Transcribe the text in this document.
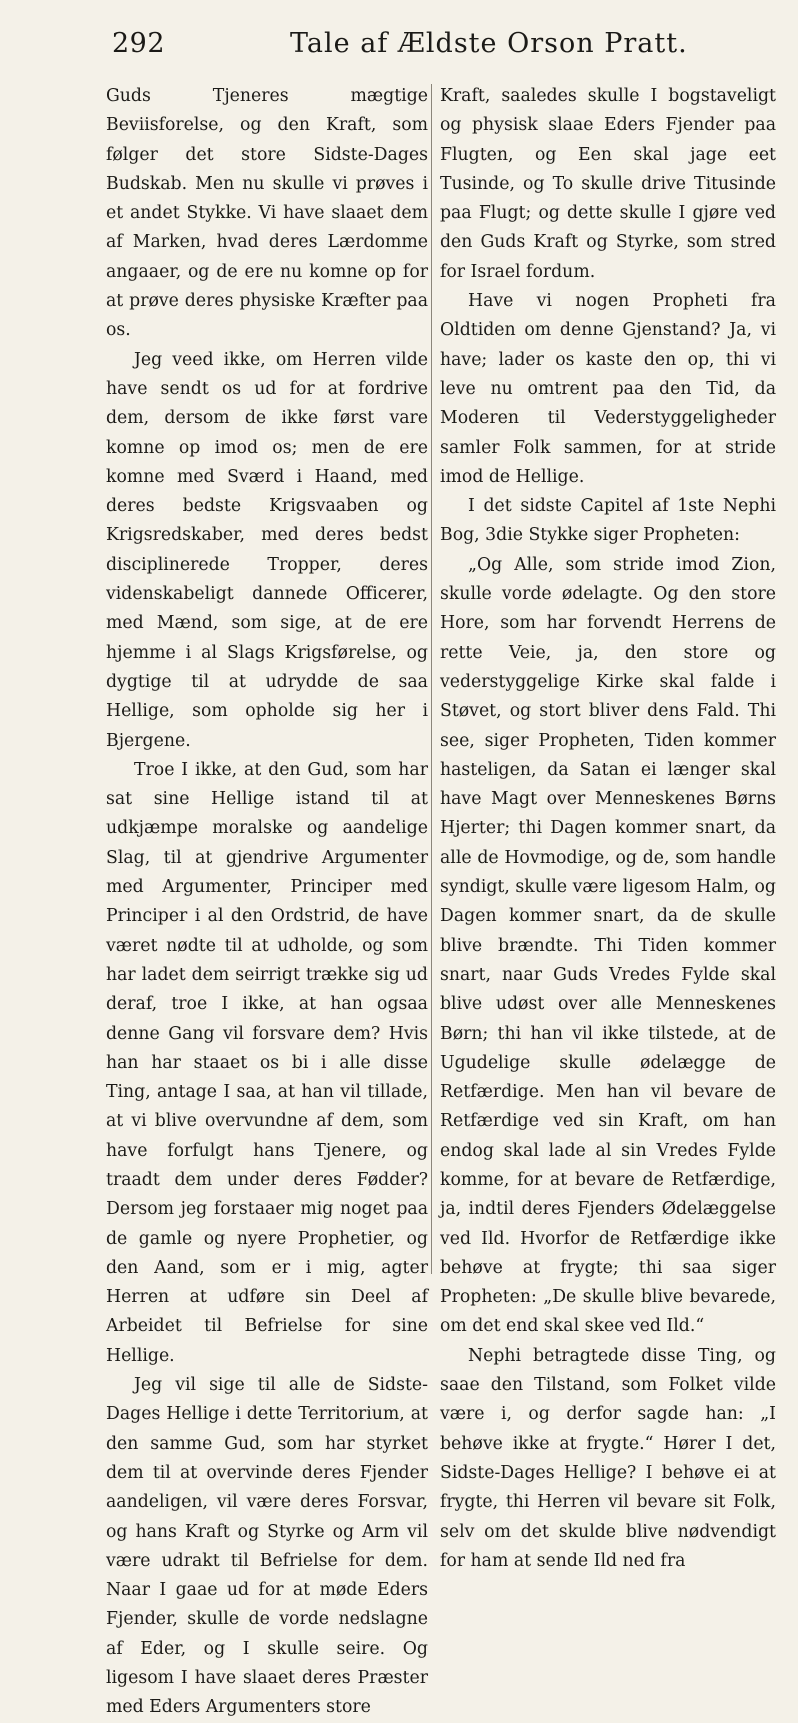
292	Tale af Ældste Orson Pratt.

Guds Tjeneres mægtige Beviisforelse, og den Kraft, som følger det store Sidste-Dages Budskab. Men nu skulle vi prøves i et andet Stykke. Vi have slaaet dem af Marken, hvad deres Lærdomme angaaer, og de ere nu komne op for at prøve deres physiske Kræfter paa os.

Jeg veed ikke, om Herren vilde have sendt os ud for at fordrive dem, dersom de ikke først vare komne op imod os; men de ere komne med Sværd i Haand, med deres bedste Krigsvaaben og Krigsredskaber, med deres bedst disciplinerede Tropper, deres videnskabeligt dannede Officerer, med Mænd, som sige, at de ere hjemme i al Slags Krigsførelse, og dygtige til at udrydde de saa Hellige, som opholde sig her i Bjergene.

Troe I ikke, at den Gud, som har sat sine Hellige istand til at udkjæmpe moralske og aandelige Slag, til at gjendrive Argumenter med Argumenter, Principer med Principer i al den Ordstrid, de have været nødte til at udholde, og som har ladet dem seirrigt trække sig ud deraf, troe I ikke, at han ogsaa denne Gang vil forsvare dem? Hvis han har staaet os bi i alle disse Ting, antage I saa, at han vil tillade, at vi blive overvundne af dem, som have forfulgt hans Tjenere, og traadt dem under deres Fødder? Dersom jeg forstaaer mig noget paa de gamle og nyere Prophetier, og den Aand, som er i mig, agter Herren at udføre sin Deel af Arbeidet til Befrielse for sine Hellige.

Jeg vil sige til alle de Sidste-Dages Hellige i dette Territorium, at den samme Gud, som har styrket dem til at overvinde deres Fjender aandeligen, vil være deres Forsvar, og hans Kraft og Styrke og Arm vil være udrakt til Befrielse for dem. Naar I gaae ud for at møde Eders Fjender, skulle de vorde nedslagne af Eder, og I skulle seire. Og ligesom I have slaaet deres Præster med Eders Argumenters store

Kraft, saaledes skulle I bogstaveligt og physisk slaae Eders Fjender paa Flugten, og Een skal jage eet Tusinde, og To skulle drive Titusinde paa Flugt; og dette skulle I gjøre ved den Guds Kraft og Styrke, som stred for Israel fordum.

Have vi nogen Propheti fra Oldtiden om denne Gjenstand? Ja, vi have; lader os kaste den op, thi vi leve nu omtrent paa den Tid, da Moderen til Vederstyggeligheder samler Folk sammen, for at stride imod de Hellige.

I det sidste Capitel af 1ste Nephi Bog, 3die Stykke siger Propheten:

„Og Alle, som stride imod Zion, skulle vorde ødelagte. Og den store Hore, som har forvendt Herrens de rette Veie, ja, den store og vederstyggelige Kirke skal falde i Støvet, og stort bliver dens Fald. Thi see, siger Propheten, Tiden kommer hasteligen, da Satan ei længer skal have Magt over Menneskenes Børns Hjerter; thi Dagen kommer snart, da alle de Hovmodige, og de, som handle syndigt, skulle være ligesom Halm, og Dagen kommer snart, da de skulle blive brændte. Thi Tiden kommer snart, naar Guds Vredes Fylde skal blive udøst over alle Menneskenes Børn; thi han vil ikke tilstede, at de Ugudelige skulle ødelægge de Retfærdige. Men han vil bevare de Retfærdige ved sin Kraft, om han endog skal lade al sin Vredes Fylde komme, for at bevare de Retfærdige, ja, indtil deres Fjenders Ødelæggelse ved Ild. Hvorfor de Retfærdige ikke behøve at frygte; thi saa siger Propheten: „De skulle blive bevarede, om det end skal skee ved Ild.“

Nephi betragtede disse Ting, og saae den Tilstand, som Folket vilde være i, og derfor sagde han: „I behøve ikke at frygte.“ Hører I det, Sidste-Dages Hellige? I behøve ei at frygte, thi Herren vil bevare sit Folk, selv om det skulde blive nødvendigt for ham at sende Ild ned fra
